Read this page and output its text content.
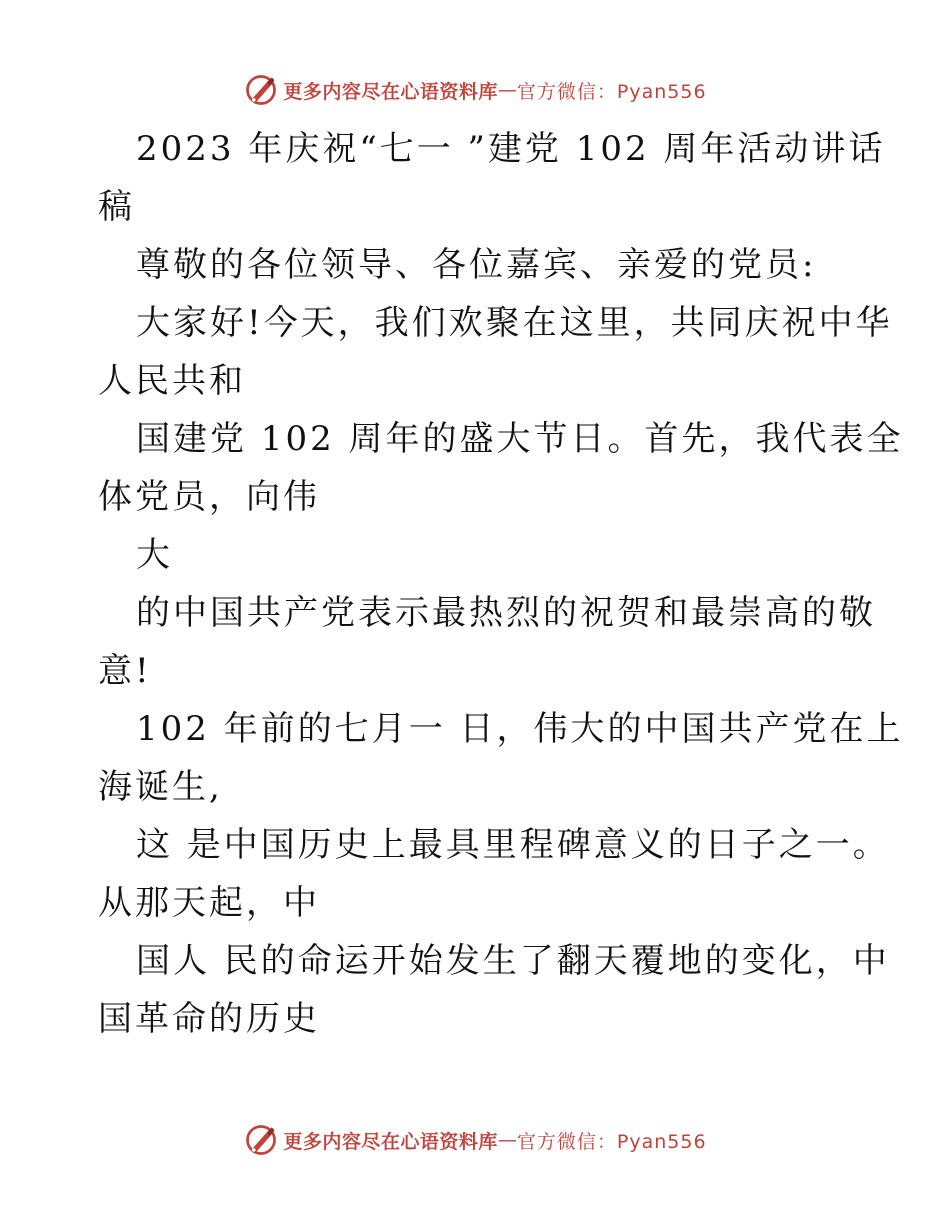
更多内容尽在心语资料库 — 官方微信：Pyan556
2023 年庆祝“七一 ”建党 102 周年活动讲话
稿
尊敬的各位领导、各位嘉宾、亲爱的党员:
大家好!今天，我们欢聚在这里，共同庆祝中华
人民共和
国建党 102 周年的盛大节日。首先，我代表全
体党员，向伟
大
的中国共产党表示最热烈的祝贺和最崇高的敬
意!
102 年前的七月一 日，伟大的中国共产党在上
海诞生,
这 是中国历史上最具里程碑意义的日子之一。
从那天起，中
国人 民的命运开始发生了翻天覆地的变化，中
国革命的历史
更多内容尽在心语资料库 — 官方微信：Pyan556
